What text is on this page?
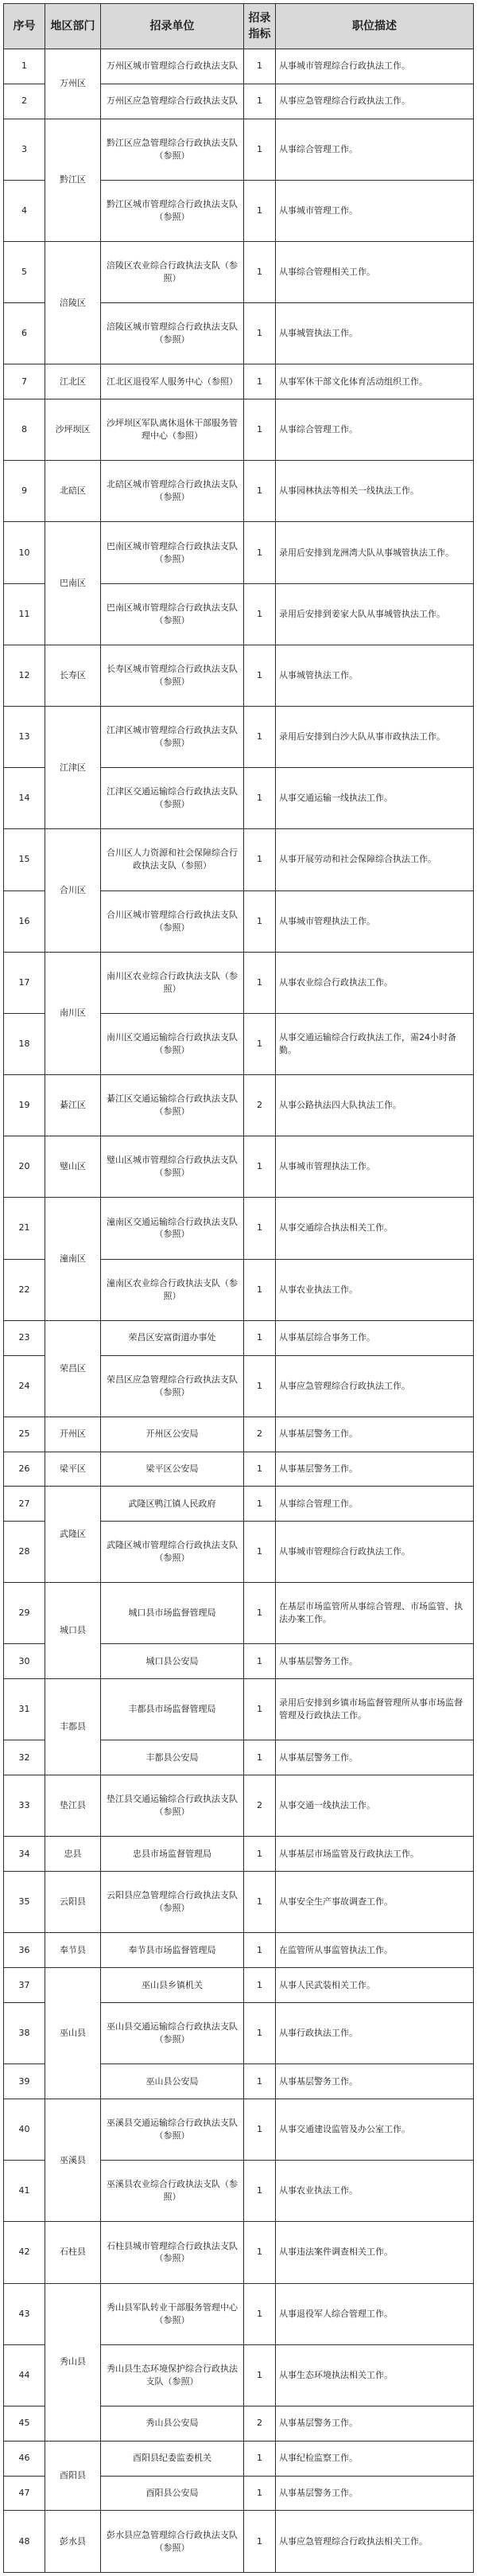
序号	地区部门	招录单位	招录指标	职位描述
1	万州区	万州区城市管理综合行政执法支队	1	从事城市管理综合行政执法工作。
2		万州区应急管理综合行政执法支队	1	从事应急管理综合行政执法工作。
3	黔江区	黔江区应急管理综合行政执法支队（参照）	1	从事综合管理工作。
4		黔江区城市管理综合行政执法支队（参照）	1	从事城市管理工作。
5	涪陵区	涪陵区农业综合行政执法支队（参照）	1	从事综合管理相关工作。
6		涪陵区城市管理综合行政执法支队（参照）	1	从事城管执法工作。
7	江北区	江北区退役军人服务中心（参照）	1	从事军休干部文化体育活动组织工作。
8	沙坪坝区	沙坪坝区军队离休退休干部服务管理中心（参照）	1	从事综合管理工作。
9	北碚区	北碚区城市管理综合行政执法支队（参照）	1	从事园林执法等相关一线执法工作。
10	巴南区	巴南区城市管理综合行政执法支队（参照）	1	录用后安排到龙洲湾大队从事城管执法工作。
11		巴南区城市管理综合行政执法支队（参照）	1	录用后安排到姜家大队从事城管执法工作。
12	长寿区	长寿区城市管理综合行政执法支队（参照）	1	从事城管执法工作。
13	江津区	江津区城市管理综合行政执法支队（参照）	1	录用后安排到白沙大队从事市政执法工作。
14		江津区交通运输综合行政执法支队（参照）	1	从事交通运输一线执法工作。
15	合川区	合川区人力资源和社会保障综合行政执法支队（参照）	1	从事开展劳动和社会保障综合执法工作。
16		合川区城市管理综合行政执法支队（参照）	1	从事城市管理执法工作。
17	南川区	南川区农业综合行政执法支队（参照）	1	从事农业综合行政执法工作。
18		南川区交通运输综合行政执法支队（参照）	1	从事交通运输综合行政执法工作，需24小时备勤。
19	綦江区	綦江区交通运输综合行政执法支队（参照）	2	从事公路执法四大队执法工作。
20	璧山区	璧山区城市管理综合行政执法支队（参照）	1	从事城市管理执法工作。
21	潼南区	潼南区交通运输综合行政执法支队（参照）	1	从事交通综合执法相关工作。
22		潼南区农业综合行政执法支队（参照）	1	从事农业执法工作。
23	荣昌区	荣昌区安富街道办事处	1	从事基层综合事务工作。
24		荣昌区应急管理综合行政执法支队（参照）	1	从事应急管理综合行政执法工作。
25	开州区	开州区公安局	2	从事基层警务工作。
26	梁平区	梁平区公安局	1	从事基层警务工作。
27	武隆区	武隆区鸭江镇人民政府	1	从事综合管理工作。
28		武隆区城市管理综合行政执法支队（参照）	1	从事城市管理综合行政执法工作。
29	城口县	城口县市场监督管理局	1	在基层市场监管所从事综合管理、市场监管、执法办案工作。
30		城口县公安局	1	从事基层警务工作。
31	丰都县	丰都县市场监督管理局	1	录用后安排到乡镇市场监督管理所从事市场监督管理及行政执法工作。
32		丰都县公安局	1	从事基层警务工作。
33	垫江县	垫江县交通运输综合行政执法支队（参照）	2	从事交通一线执法工作。
34	忠县	忠县市场监督管理局	1	从事基层市场监管及行政执法工作。
35	云阳县	云阳县应急管理综合行政执法支队（参照）	1	从事安全生产事故调查工作。
36	奉节县	奉节县市场监督管理局	1	在监管所从事监管执法工作。
37	巫山县	巫山县乡镇机关	1	从事人民武装相关工作。
38		巫山县交通运输综合行政执法支队（参照）	1	从事行政执法工作。
39		巫山县公安局	1	从事基层警务工作。
40	巫溪县	巫溪县交通运输综合行政执法支队（参照）	1	从事交通建设监管及办公室工作。
41		巫溪县农业综合行政执法支队（参照）	1	从事农业执法工作。
42	石柱县	石柱县城市管理综合行政执法支队（参照）	1	从事违法案件调查相关工作。
43	秀山县	秀山县军队转业干部服务管理中心（参照）	1	从事退役军人综合管理工作。
44		秀山县生态环境保护综合行政执法支队（参照）	1	从事生态环境执法相关工作。
45		秀山县公安局	2	从事基层警务工作。
46	酉阳县	酉阳县纪委监委机关	1	从事纪检监察工作。
47		酉阳县公安局	1	从事基层警务工作。
48	彭水县	彭水县应急管理综合行政执法支队（参照）	1	从事应急管理综合行政执法相关工作。
